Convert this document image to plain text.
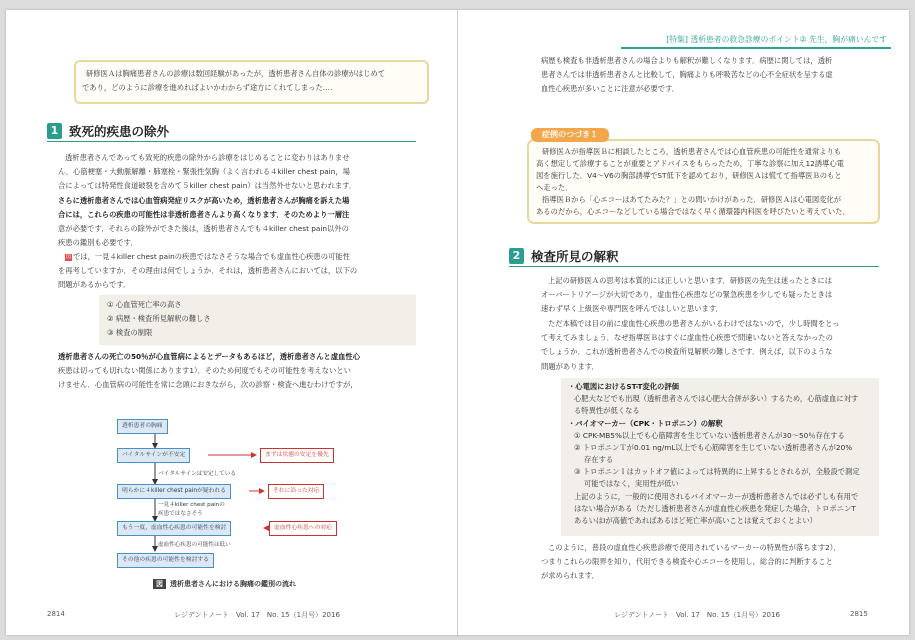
[特集] 透析患者の救急診療のポイント② 先生，胸が痛いんです
研修医Ａは胸痛患者さんの診療は数回経験があったが，透析患者さん自体の診療がはじめて
であり，どのように診療を進めればよいかわからず途方にくれてしまった….
1 致死的疾患の除外
透析患者さんであっても致死的疾患の除外から診療をはじめることに変わりはありませ
ん．心筋梗塞・大動脈解離・肺塞栓・緊張性気胸（よく言われる４killer chest pain，場
合によっては特発性食道破裂を含めて５killer chest pain）は当然外せないと思われます．
さらに透析患者さんでは心血管病発症リスクが高いため，透析患者さんが胸痛を訴えた場
合には，これらの疾患の可能性は非透析患者さんより高くなります．そのためより一層注
意が必要です．それらの除外ができた後は，透析患者さんでも４killer chest pain以外の
疾患の鑑別も必要です．
図 では，一見４killer chest painの疾患ではなさそうな場合でも虚血性心疾患の可能性
を再考していますか．その理由は何でしょうか．それは，透析患者さんにおいては，以下の
問題があるからです．
① 心血管死亡率の高さ
② 病歴・検査所見解釈の難しさ
③ 検査の制限
透析患者さんの死亡の50％が心血管病によるとデータもあるほど，透析患者さんと虚血性心
疾患は切っても切れない関係にあります1）．そのため何度でもその可能性を考えないとい
けません．心血管病の可能性を常に念頭におきながら，次の診察・検査へ進むわけですが，
透析患者の胸痛
バイタルサインが不安定	まずは状態の安定を優先
バイタルサインは安定している
明らかに４killer chest painが疑われる	それに沿った対応
一見４killer chest painの
疾患ではなさそう
もう一度，虚血性心疾患の可能性を検討	虚血性心疾患への対応
虚血性心疾患の可能性は低い
その他の疾患の可能性を検討する
図 透析患者さんにおける胸痛の鑑別の流れ
2814	レジデントノート　Vol. 17　No. 15（1月号）2016
病歴も検査も非透析患者さんの場合よりも解釈が難しくなります．病歴に関しては，透析
患者さんでは非透析患者さんと比較して，胸痛よりも呼吸苦などの心不全症状を呈する虚
血性心疾患が多いことに注意が必要です．
研修医Ａが指導医Ｂに相談したところ，透析患者さんでは心血管疾患の可能性を通常よりも
高く想定して診療することが重要とアドバイスをもらったため，丁寧な診察に加え12誘導心電
図を施行した．V4〜V6の胸部誘導でST低下を認めており，研修医Ａは慌てて指導医Ｂのもと
へ走った．
指導医Ｂから「心エコーはあてたみた？」との問いかけがあった．研修医Ａは心電図変化が
あるのだから，心エコーなどしている場合ではなく早く循環器内科医を呼びたいと考えていた．
症例のつづき１
2 検査所見の解釈
上記の研修医Ａの思考は本質的には正しいと思います．研修医の先生は迷ったときには
オーバートリアージが大切であり，虚血性心疾患などの緊急疾患を少しでも疑ったときは
速わず早く上級医や専門医を呼んではしいと思います．
ただ本稿では目の前に虚血性心疾患の患者さんがいるわけではないので，少し時間をとっ
て考えてみましょう．なぜ指導医Ｂはすぐに虚血性心疾患で問違いないと答えなかったの
でしょうか．これが透析患者さんでの検査所見解釈の難しさです．例えば，以下のような
問題があります．
・心電図におけるST-T変化の評価
心肥大などでも出現（透析患者さんでは心肥大合併が多い）するため，心筋虚血に対す
る特異性が低くなる
・バイオマーカー（CPK・トロポニン）の解釈
① CPK-MB5%以上でも心筋障害を生じていない透析患者さんが30〜50％存在する
② トロポニンＴが0.01 ng/mL以上でも心筋障害を生じていない透析患者さんが20%
存在する
③ トロポニンＩはカットオフ値によっては特異的に上昇するとされるが，全般設で測定
可能ではなく，実用性が低い
上記のように，一般的に使用されるバイオマーカーが透析患者さんでは必ずしも有用で
はない場合がある（ただし透析患者さんが虚血性心疾患を発症した場合，トロポニンT
あるいはIが高値であればあるほど死亡率が高いことは覚えておくとよい）
このように，普段の虚血性心疾患診療で使用されているマーカーの特異性が落ちます2）．
つまりこれらの限界を知り，代用できる検査や心エコーを使用し，総合的に判断すること
が求められます．
レジデントノート　Vol. 17　No. 15（1月号）2016	2815
